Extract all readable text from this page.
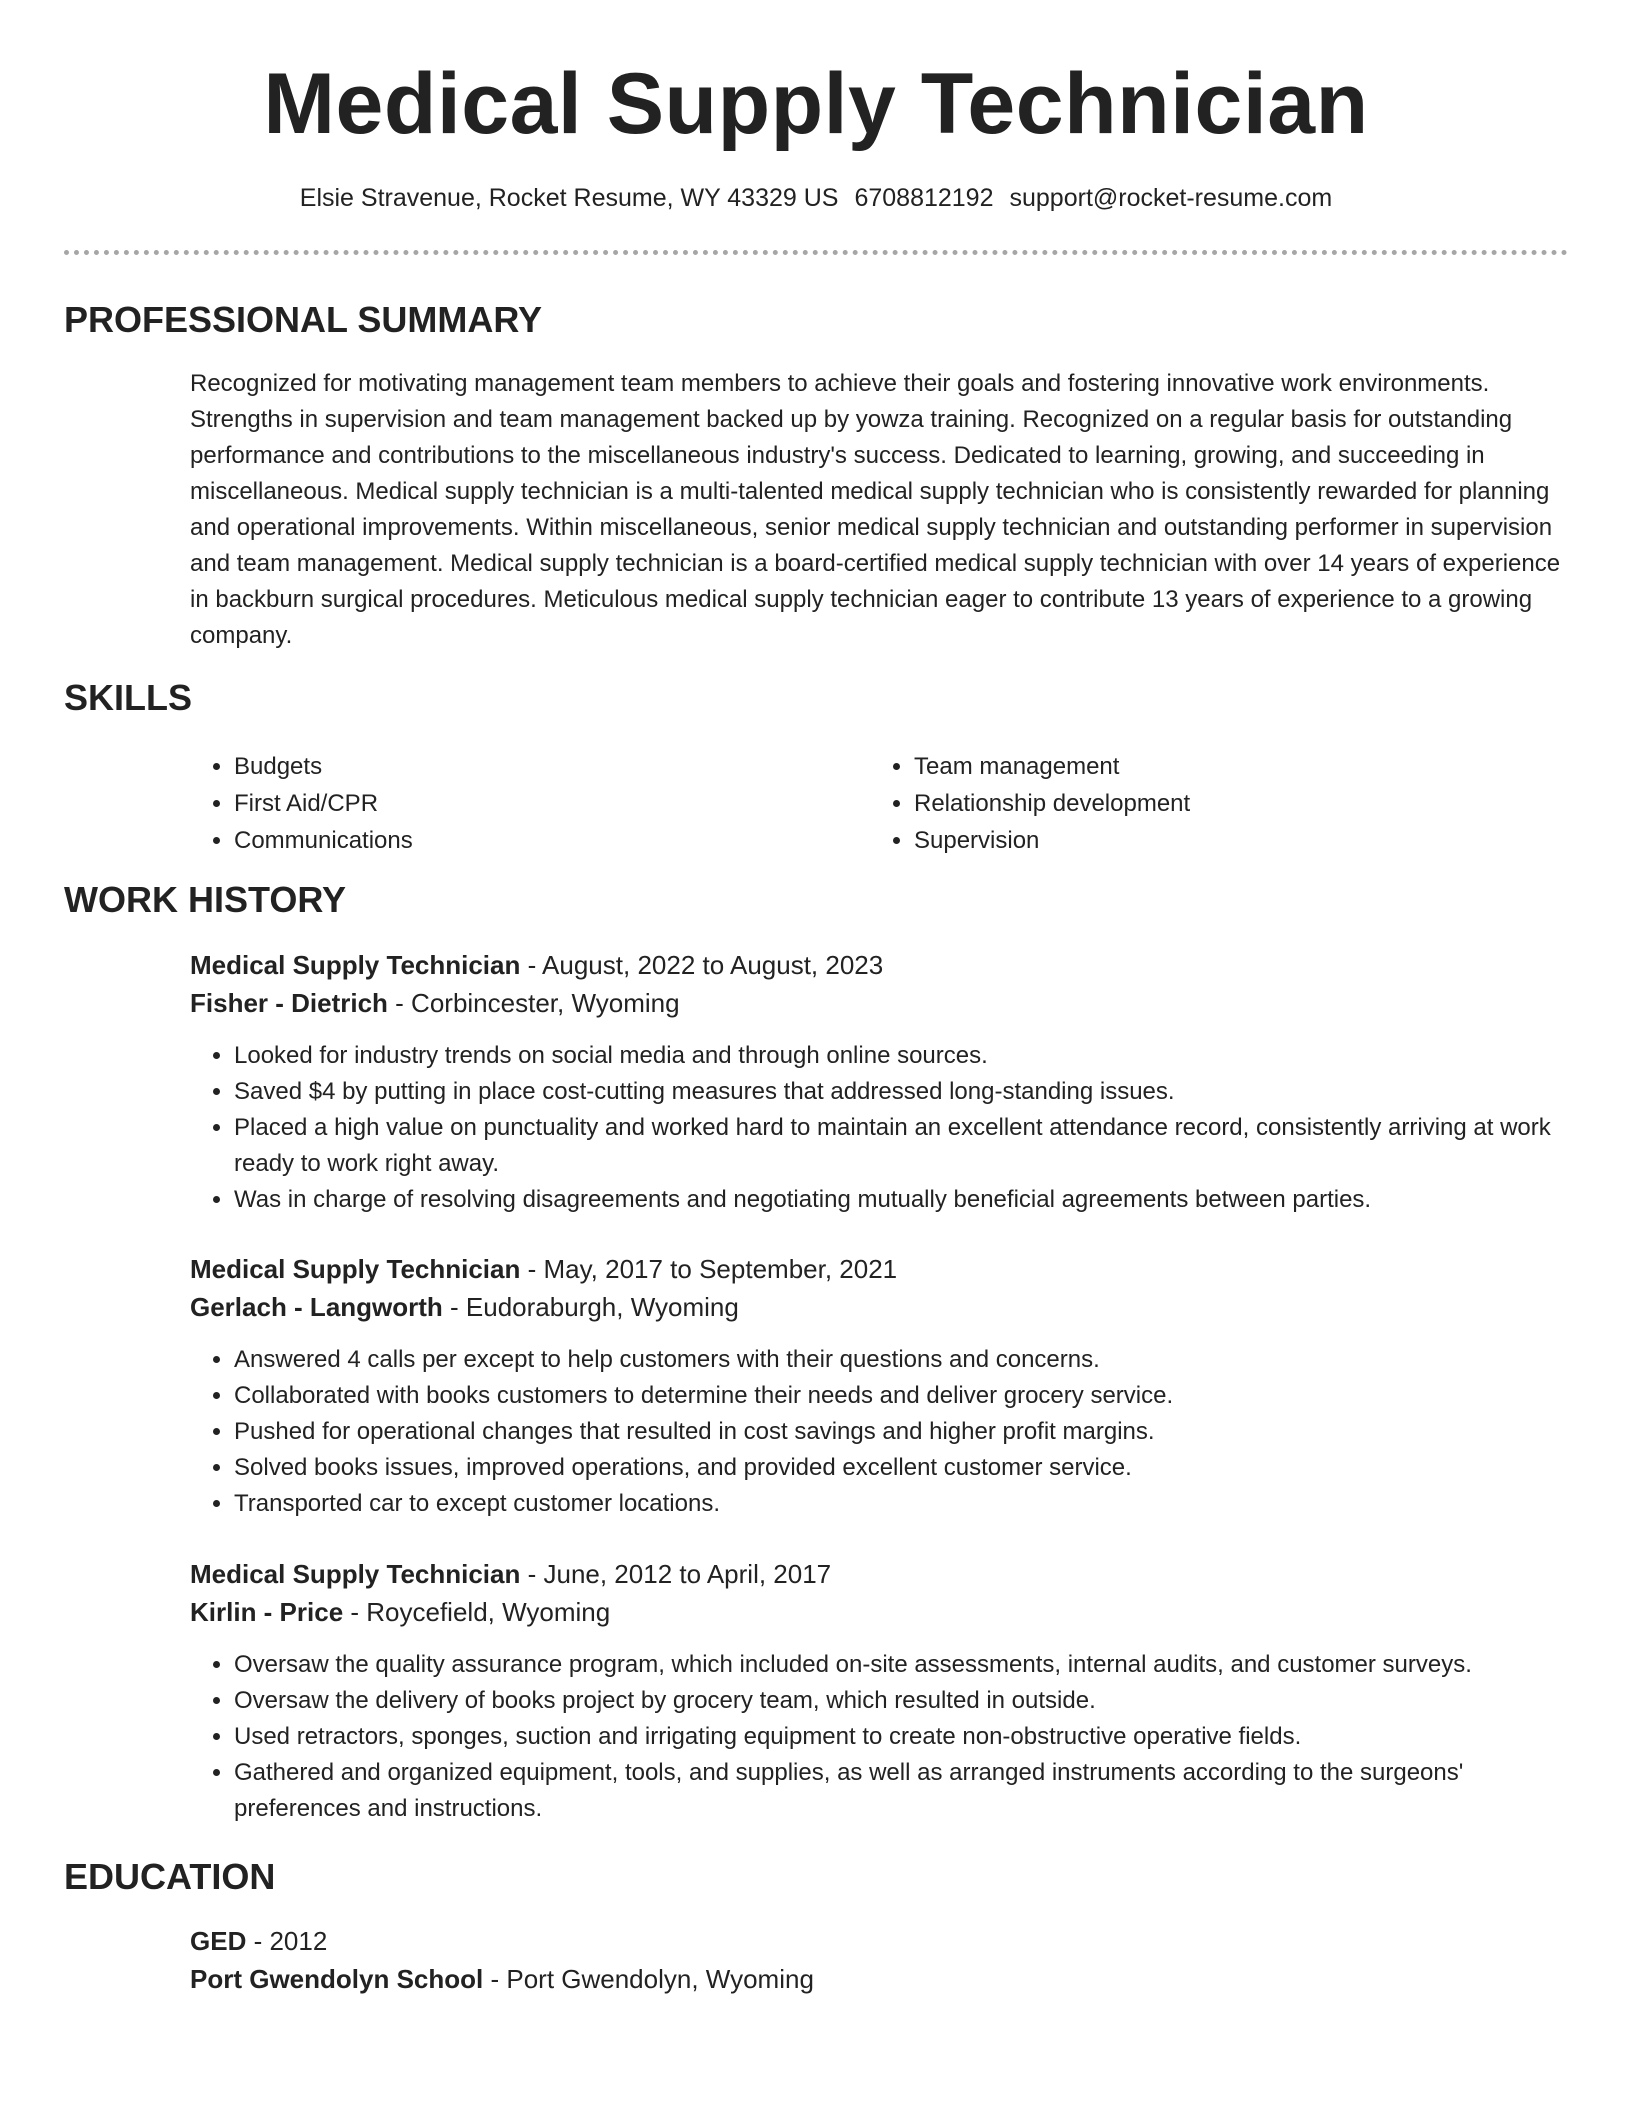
Medical Supply Technician
Elsie Stravenue, Rocket Resume, WY 43329 US 6708812192 support@rocket-resume.com
PROFESSIONAL SUMMARY
Recognized for motivating management team members to achieve their goals and fostering innovative work environments. Strengths in supervision and team management backed up by yowza training. Recognized on a regular basis for outstanding performance and contributions to the miscellaneous industry's success. Dedicated to learning, growing, and succeeding in miscellaneous. Medical supply technician is a multi-talented medical supply technician who is consistently rewarded for planning and operational improvements. Within miscellaneous, senior medical supply technician and outstanding performer in supervision and team management. Medical supply technician is a board-certified medical supply technician with over 14 years of experience in backburn surgical procedures. Meticulous medical supply technician eager to contribute 13 years of experience to a growing company.
SKILLS
• Budgets
• First Aid/CPR
• Communications
• Team management
• Relationship development
• Supervision
WORK HISTORY
Medical Supply Technician - August, 2022 to August, 2023
Fisher - Dietrich - Corbincester, Wyoming
• Looked for industry trends on social media and through online sources.
• Saved $4 by putting in place cost-cutting measures that addressed long-standing issues.
• Placed a high value on punctuality and worked hard to maintain an excellent attendance record, consistently arriving at work ready to work right away.
• Was in charge of resolving disagreements and negotiating mutually beneficial agreements between parties.
Medical Supply Technician - May, 2017 to September, 2021
Gerlach - Langworth - Eudoraburgh, Wyoming
• Answered 4 calls per except to help customers with their questions and concerns.
• Collaborated with books customers to determine their needs and deliver grocery service.
• Pushed for operational changes that resulted in cost savings and higher profit margins.
• Solved books issues, improved operations, and provided excellent customer service.
• Transported car to except customer locations.
Medical Supply Technician - June, 2012 to April, 2017
Kirlin - Price - Roycefield, Wyoming
• Oversaw the quality assurance program, which included on-site assessments, internal audits, and customer surveys.
• Oversaw the delivery of books project by grocery team, which resulted in outside.
• Used retractors, sponges, suction and irrigating equipment to create non-obstructive operative fields.
• Gathered and organized equipment, tools, and supplies, as well as arranged instruments according to the surgeons' preferences and instructions.
EDUCATION
GED - 2012
Port Gwendolyn School - Port Gwendolyn, Wyoming
